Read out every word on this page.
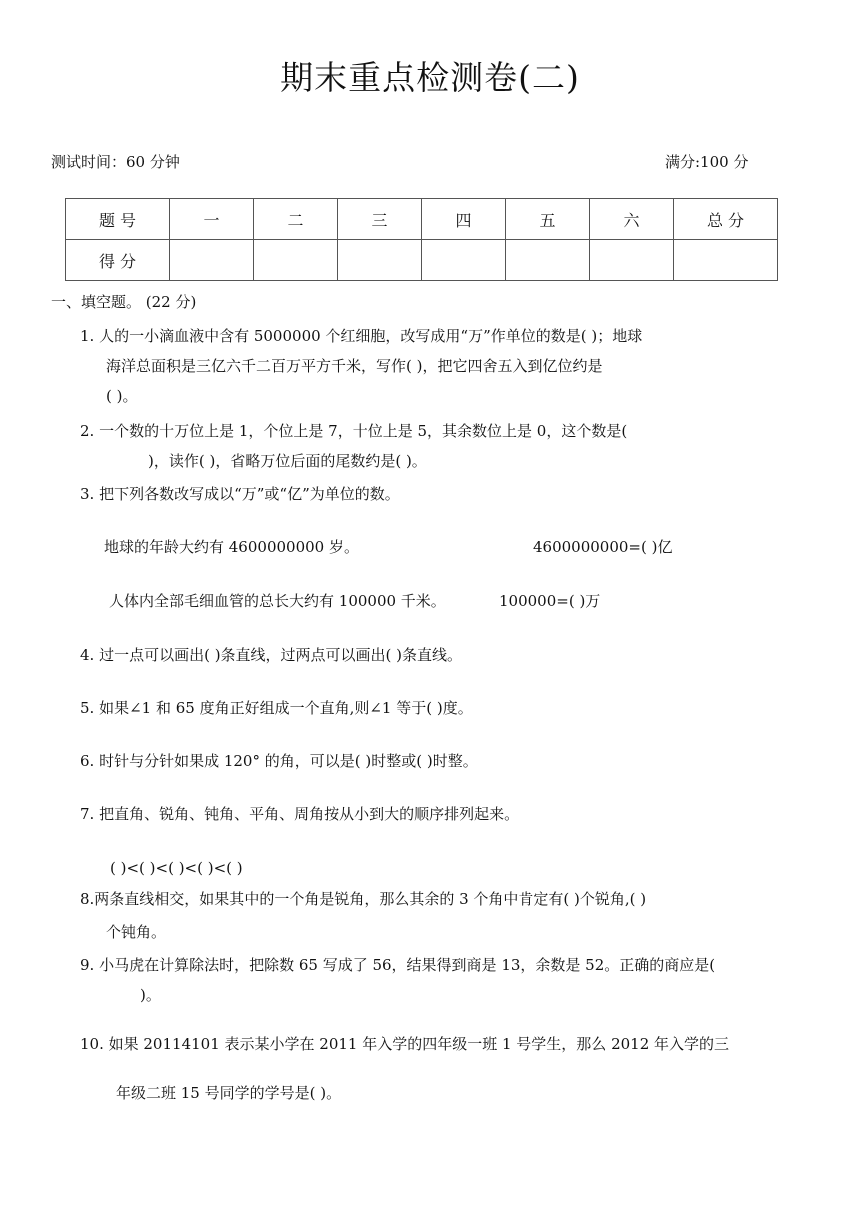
期末重点检测卷(二)
测试时间：60 分钟	满分:100 分
题 号	一	二	三	四	五	六	总 分
得 分							
一、填空题。 (22 分)
1. 人的一小滴血液中含有 5000000 个红细胞，改写成用“万”作单位的数是( )；地球
海洋总面积是三亿六千二百万平方千米，写作( )，把它四舍五入到亿位约是
( )。
2. 一个数的十万位上是 1，个位上是 7，十位上是 5，其余数位上是 0，这个数是(
)，读作( )，省略万位后面的尾数约是( )。
3. 把下列各数改写成以“万”或“亿”为单位的数。
地球的年龄大约有 4600000000 岁。	4600000000=( )亿
人体内全部毛细血管的总长大约有 100000 千米。	100000=( )万
4. 过一点可以画出( )条直线，过两点可以画出( )条直线。
5. 如果∠1 和 65 度角正好组成一个直角,则∠1 等于( )度。
6. 时针与分针如果成 120° 的角，可以是( )时整或( )时整。
7. 把直角、锐角、钝角、平角、周角按从小到大的顺序排列起来。
( )<( )<( )<( )<( )
8.两条直线相交，如果其中的一个角是锐角，那么其余的 3 个角中肯定有( )个锐角,( )
个钝角。
9. 小马虎在计算除法时，把除数 65 写成了 56，结果得到商是 13，余数是 52。正确的商应是(
)。
10. 如果 20114101 表示某小学在 2011 年入学的四年级一班 1 号学生，那么 2012 年入学的三
年级二班 15 号同学的学号是( )。
